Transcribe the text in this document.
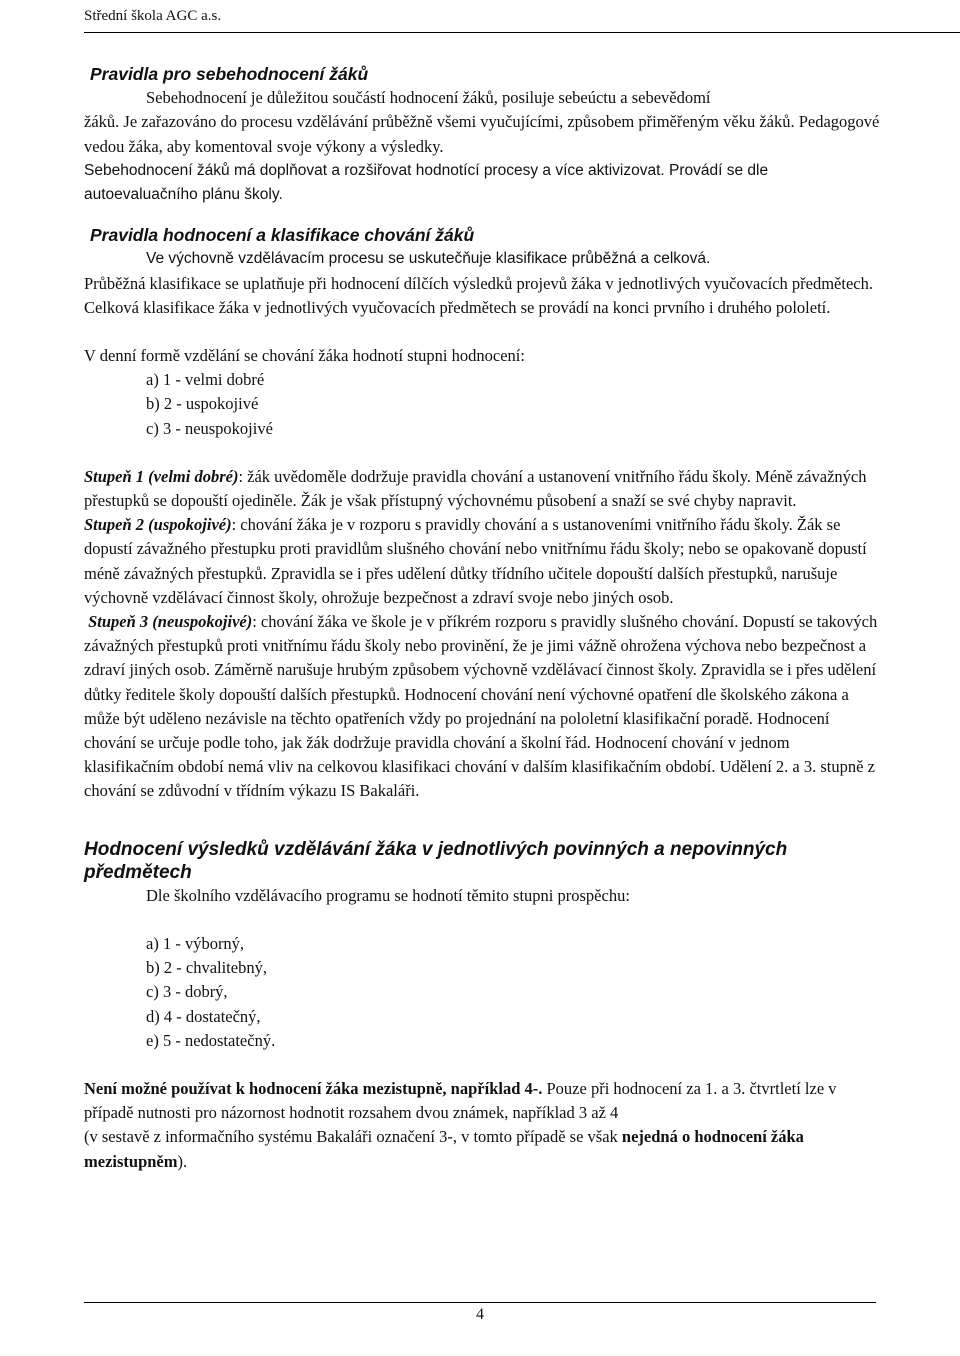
Střední škola AGC a.s.

Pravidla pro sebehodnocení žáků

Sebehodnocení je důležitou součástí hodnocení žáků, posiluje sebeúctu a sebevědomí

žáků. Je zařazováno do procesu vzdělávání průběžně všemi vyučujícími, způsobem přiměřeným věku žáků. Pedagogové vedou žáka, aby komentoval svoje výkony a výsledky.

Sebehodnocení žáků má doplňovat a rozšiřovat hodnotící procesy a více aktivizovat. Provádí se dle autoevaluačního plánu školy.

Pravidla hodnocení a klasifikace chování žáků

Ve výchovně vzdělávacím procesu se uskutečňuje klasifikace průběžná a celková.

Průběžná klasifikace se uplatňuje při hodnocení dílčích výsledků projevů žáka v jednotlivých vyučovacích předmětech. Celková klasifikace žáka v jednotlivých vyučovacích předmětech se provádí na konci prvního i druhého pololetí.

V denní formě vzdělání se chování žáka hodnotí stupni hodnocení:

a) 1 - velmi dobré

b) 2 - uspokojivé

c) 3 - neuspokojivé

Stupeň 1 (velmi dobré): žák uvědoměle dodržuje pravidla chování a ustanovení vnitřního řádu školy. Méně závažných přestupků se dopouští ojediněle. Žák je však přístupný výchovnému působení a snaží se své chyby napravit.

Stupeň 2 (uspokojivé): chování žáka je v rozporu s pravidly chování a s ustanoveními vnitřního řádu školy. Žák se dopustí závažného přestupku proti pravidlům slušného chování nebo vnitřnímu řádu školy; nebo se opakovaně dopustí méně závažných přestupků. Zpravidla se i přes udělení důtky třídního učitele dopouští dalších přestupků, narušuje výchovně vzdělávací činnost školy, ohrožuje bezpečnost a zdraví svoje nebo jiných osob.

Stupeň 3 (neuspokojivé): chování žáka ve škole je v příkrém rozporu s pravidly slušného chování. Dopustí se takových závažných přestupků proti vnitřnímu řádu školy nebo provinění, že je jimi vážně ohrožena výchova nebo bezpečnost a zdraví jiných osob. Záměrně narušuje hrubým způsobem výchovně vzdělávací činnost školy. Zpravidla se i přes udělení důtky ředitele školy dopouští dalších přestupků. Hodnocení chování není výchovné opatření dle školského zákona a může být uděleno nezávisle na těchto opatřeních vždy po projednání na pololetní klasifikační poradě. Hodnocení chování se určuje podle toho, jak žák dodržuje pravidla chování a školní řád. Hodnocení chování v jednom klasifikačním období nemá vliv na celkovou klasifikaci chování v dalším klasifikačním období. Udělení 2. a 3. stupně z chování se zdůvodní v třídním výkazu IS Bakaláři.

Hodnocení výsledků vzdělávání žáka v jednotlivých povinných a nepovinných předmětech

Dle školního vzdělávacího programu se hodnotí těmito stupni prospěchu:

a) 1 - výborný,

b) 2 - chvalitebný,

c) 3 - dobrý,

d) 4 - dostatečný,

e) 5 - nedostatečný.

Není možné používat k hodnocení žáka mezistupně, například 4-. Pouze při hodnocení za 1. a 3. čtvrtletí lze v případě nutnosti pro názornost hodnotit rozsahem dvou známek, například 3 až 4

(v sestavě z informačního systému Bakaláři označení 3-, v tomto případě se však nejedná o hodnocení žáka mezistupněm).

4
